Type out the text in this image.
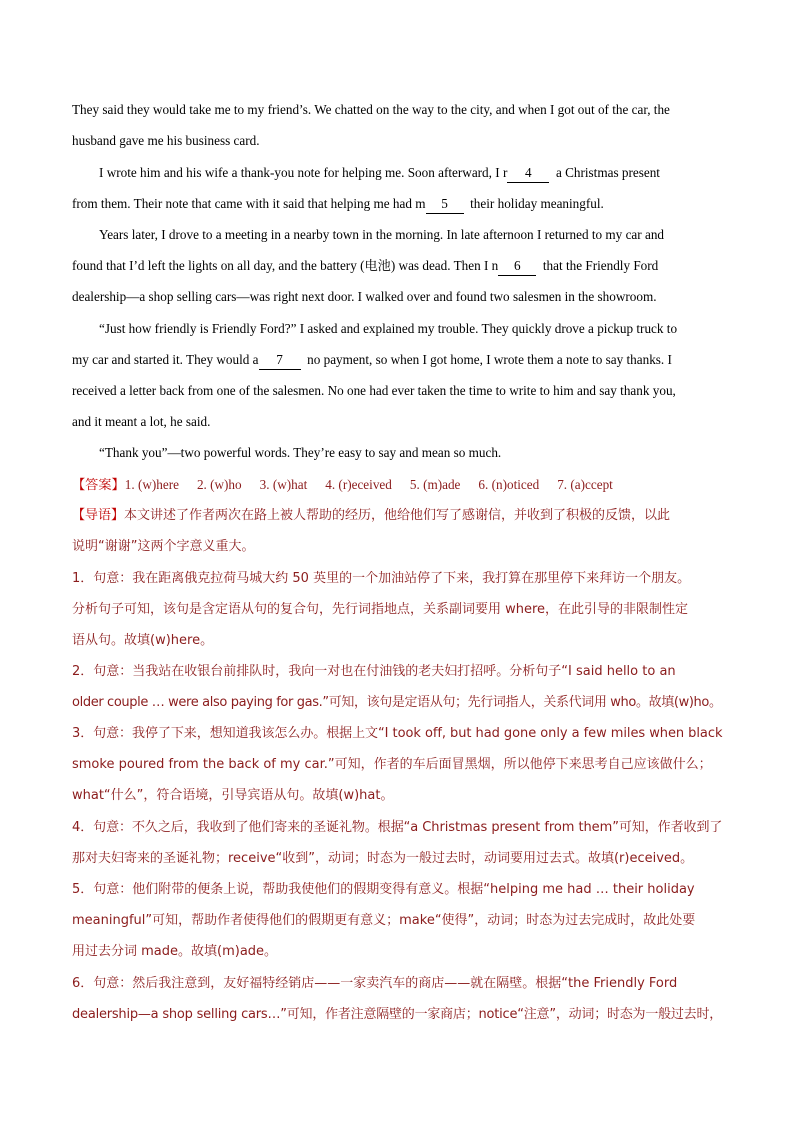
They said they would take me to my friend’s. We chatted on the way to the city, and when I got out of the car, the
husband gave me his business card.
I wrote him and his wife a thank-you note for helping me. Soon afterward, I r 4 a Christmas present
from them. Their note that came with it said that helping me had m 5 their holiday meaningful.
Years later, I drove to a meeting in a nearby town in the morning. In late afternoon I returned to my car and
found that I’d left the lights on all day, and the battery (电池) was dead. Then I n 6 that the Friendly Ford
dealership—a shop selling cars—was right next door. I walked over and found two salesmen in the showroom.
“Just how friendly is Friendly Ford?” I asked and explained my trouble. They quickly drove a pickup truck to
my car and started it. They would a 7 no payment, so when I got home, I wrote them a note to say thanks. I
received a letter back from one of the salesmen. No one had ever taken the time to write to him and say thank you,
and it meant a lot, he said.
“Thank you”—two powerful words. They’re easy to say and mean so much.
【答案】1. (w)here 2. (w)ho 3. (w)hat 4. (r)eceived 5. (m)ade 6. (n)oticed 7. (a)ccept
【导语】本文讲述了作者两次在路上被人帮助的经历，他给他们写了感谢信，并收到了积极的反馈，以此
说明“谢谢”这两个字意义重大。
1．句意：我在距离俄克拉荷马城大约 50 英里的一个加油站停了下来，我打算在那里停下来拜访一个朋友。
分析句子可知，该句是含定语从句的复合句，先行词指地点，关系副词要用 where，在此引导的非限制性定
语从句。故填(w)here。
2．句意：当我站在收银台前排队时，我向一对也在付油钱的老夫妇打招呼。分析句子“I said hello to an
older couple … were also paying for gas.”可知，该句是定语从句；先行词指人，关系代词用 who。故填(w)ho。
3．句意：我停了下来，想知道我该怎么办。根据上文“I took off, but had gone only a few miles when black
smoke poured from the back of my car.”可知，作者的车后面冒黑烟，所以他停下来思考自己应该做什么；
what“什么”，符合语境，引导宾语从句。故填(w)hat。
4．句意：不久之后，我收到了他们寄来的圣诞礼物。根据“a Christmas present from them”可知，作者收到了
那对夫妇寄来的圣诞礼物；receive“收到”，动词；时态为一般过去时，动词要用过去式。故填(r)eceived。
5．句意：他们附带的便条上说，帮助我使他们的假期变得有意义。根据“helping me had … their holiday
meaningful”可知，帮助作者使得他们的假期更有意义；make“使得”，动词；时态为过去完成时，故此处要
用过去分词 made。故填(m)ade。
6．句意：然后我注意到，友好福特经销店——一家卖汽车的商店——就在隔壁。根据“the Friendly Ford
dealership—a shop selling cars…”可知，作者注意隔壁的一家商店；notice“注意”，动词；时态为一般过去时，
